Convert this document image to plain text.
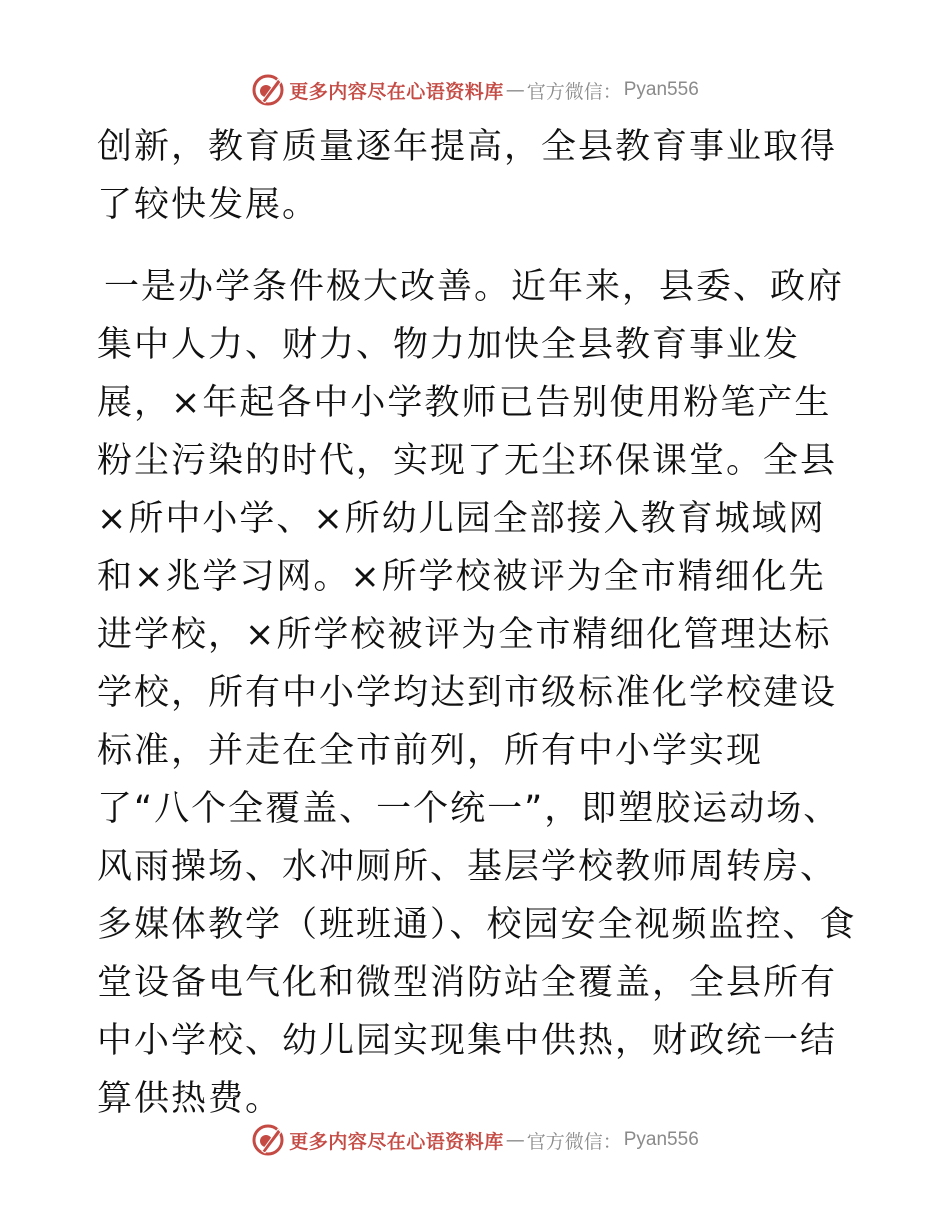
更多内容尽在心语资料库 — 官方微信： Pyan556

创新，教育质量逐年提高，全县教育事业取得了较快发展。

一是办学条件极大改善。近年来，县委、政府集中人力、财力、物力加快全县教育事业发展，×年起各中小学教师已告别使用粉笔产生粉尘污染的时代，实现了无尘环保课堂。全县×所中小学、×所幼儿园全部接入教育城域网和×兆学习网。×所学校被评为全市精细化先进学校，×所学校被评为全市精细化管理达标学校，所有中小学均达到市级标准化学校建设标准，并走在全市前列，所有中小学实现了“八个全覆盖、一个统一”，即塑胶运动场、风雨操场、水冲厕所、基层学校教师周转房、多媒体教学（班班通）、校园安全视频监控、食堂设备电气化和微型消防站全覆盖，全县所有中小学校、幼儿园实现集中供热，财政统一结算供热费。

更多内容尽在心语资料库 — 官方微信： Pyan556
